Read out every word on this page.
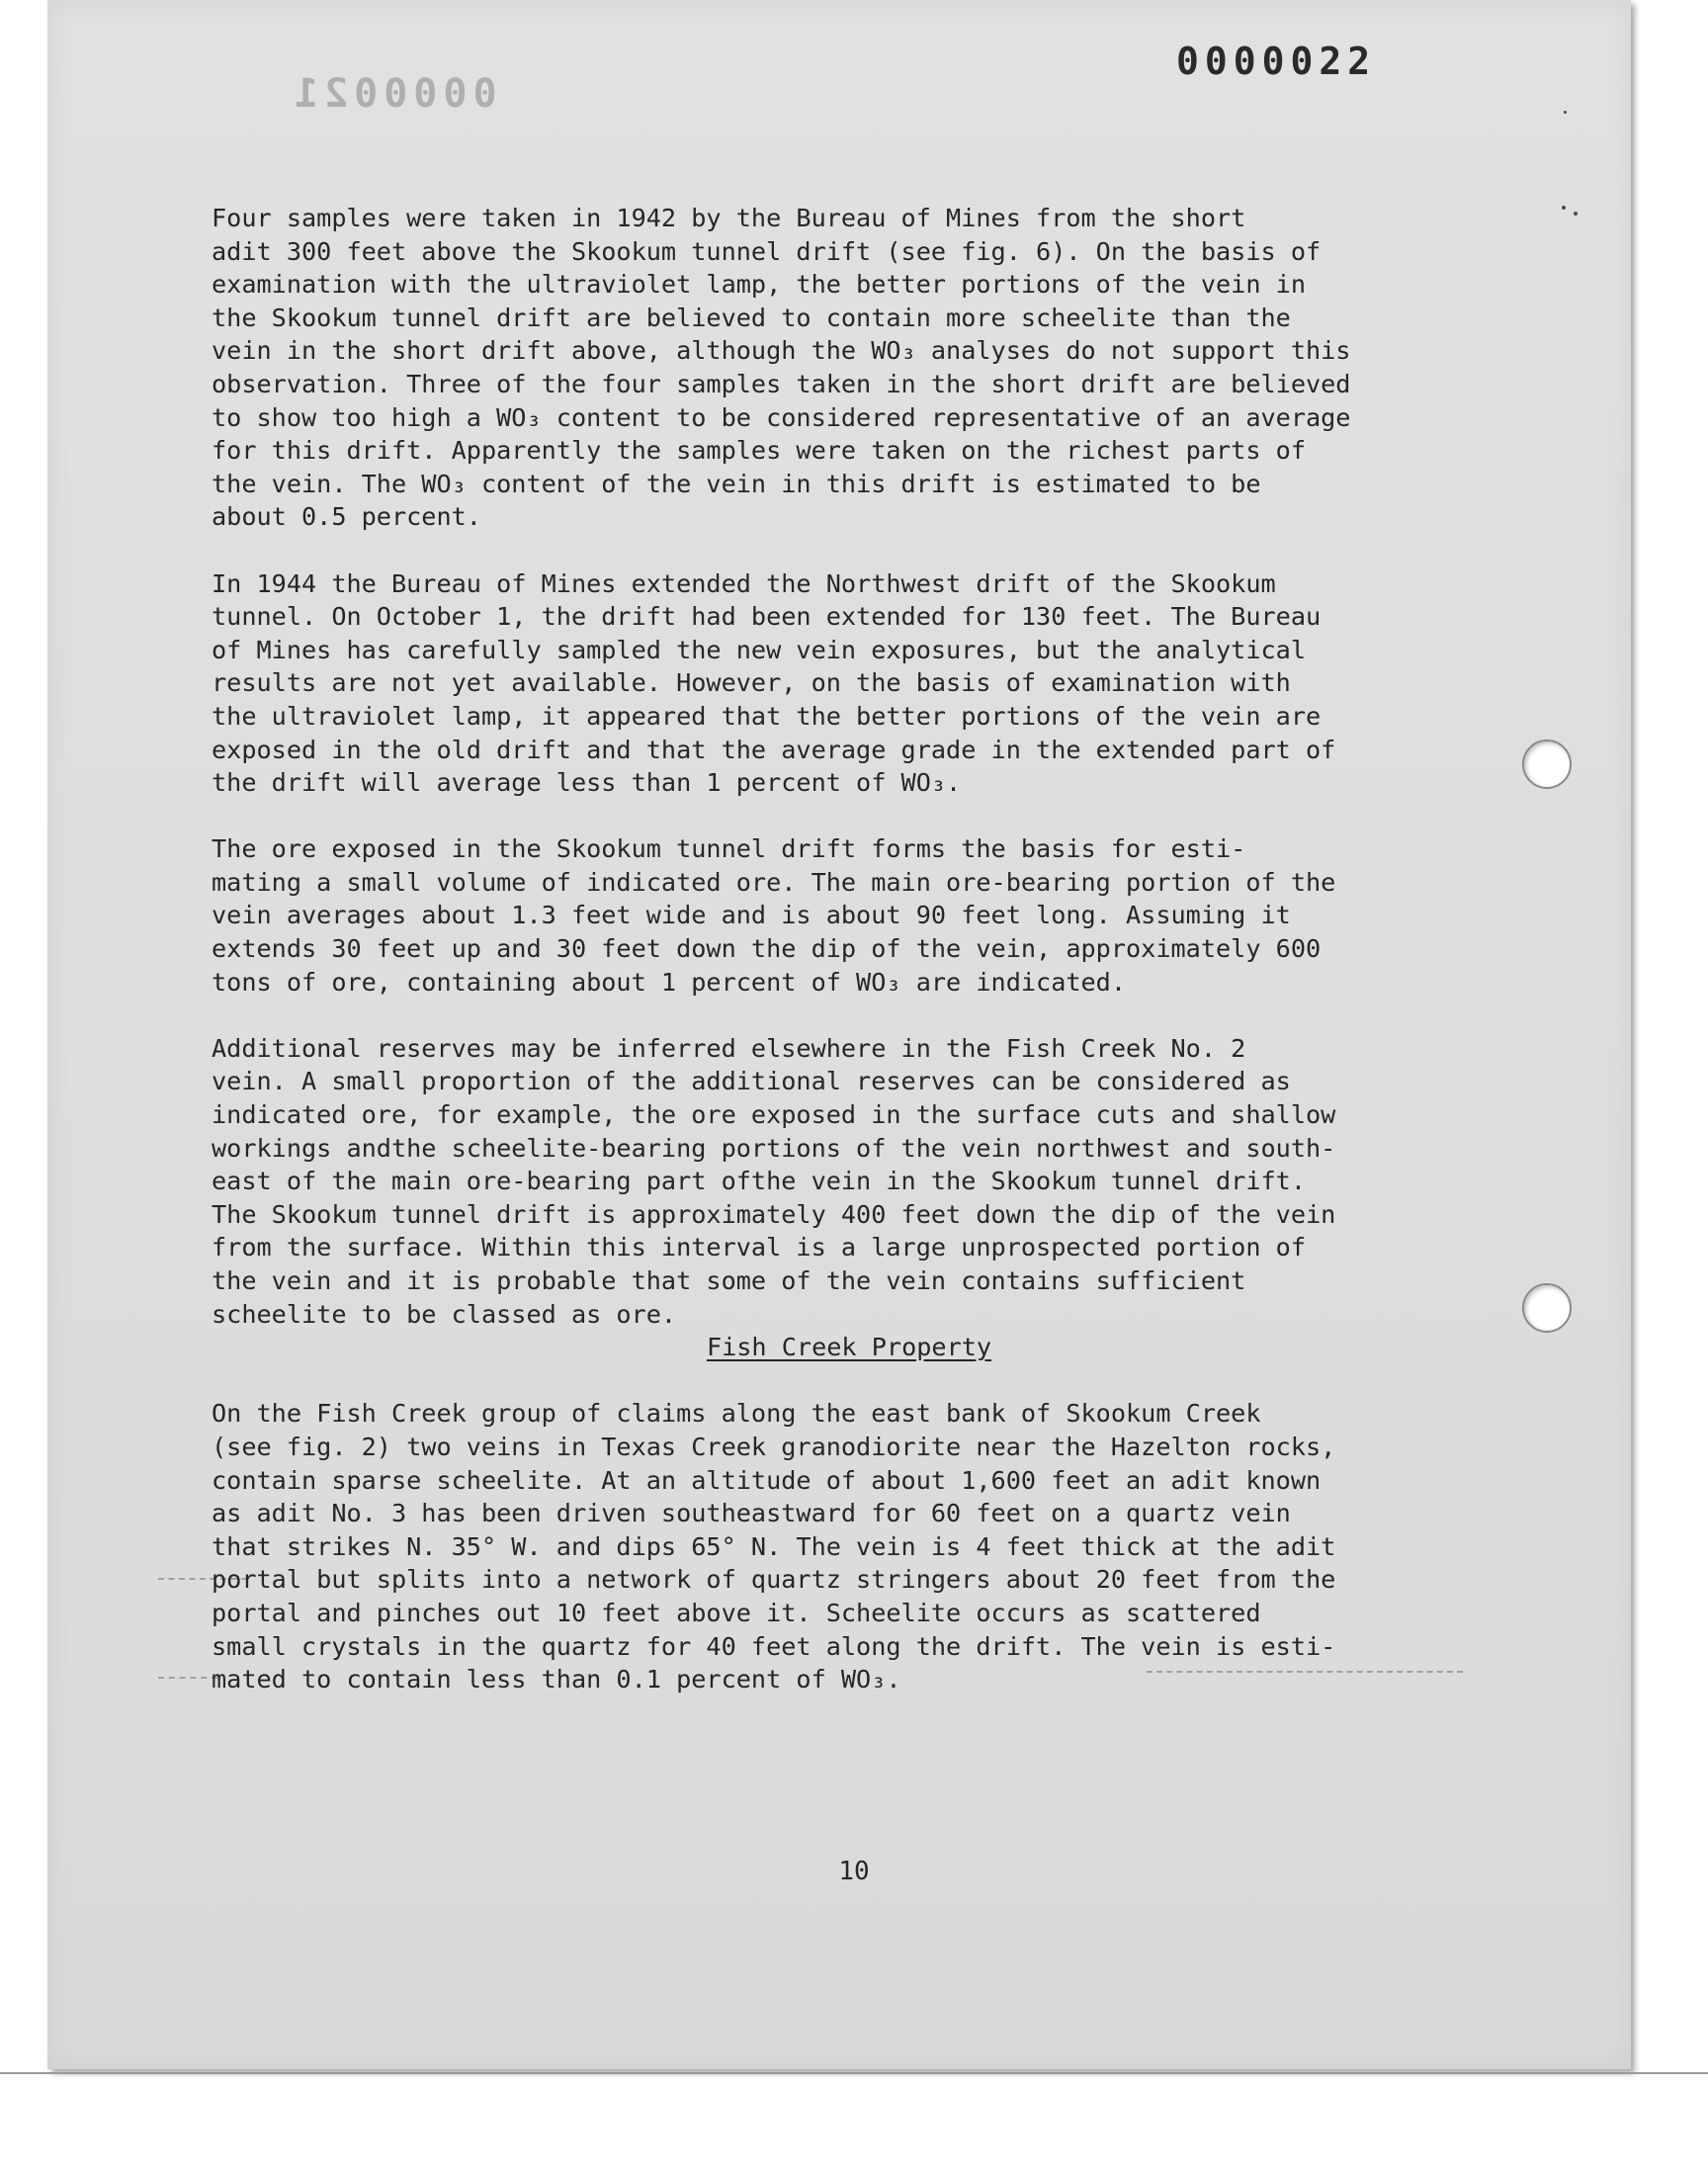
0000021
0000022

Four samples were taken in 1942 by the Bureau of Mines from the short
adit 300 feet above the Skookum tunnel drift (see fig. 6). On the basis of
examination with the ultraviolet lamp, the better portions of the vein in
the Skookum tunnel drift are believed to contain more scheelite than the
vein in the short drift above, although the WO₃ analyses do not support this
observation. Three of the four samples taken in the short drift are believed
to show too high a WO₃ content to be considered representative of an average
for this drift. Apparently the samples were taken on the richest parts of
the vein. The WO₃ content of the vein in this drift is estimated to be
about 0.5 percent.

In 1944 the Bureau of Mines extended the Northwest drift of the Skookum
tunnel. On October 1, the drift had been extended for 130 feet. The Bureau
of Mines has carefully sampled the new vein exposures, but the analytical
results are not yet available. However, on the basis of examination with
the ultraviolet lamp, it appeared that the better portions of the vein are
exposed in the old drift and that the average grade in the extended part of
the drift will average less than 1 percent of WO₃.

The ore exposed in the Skookum tunnel drift forms the basis for esti-
mating a small volume of indicated ore. The main ore-bearing portion of the
vein averages about 1.3 feet wide and is about 90 feet long. Assuming it
extends 30 feet up and 30 feet down the dip of the vein, approximately 600
tons of ore, containing about 1 percent of WO₃ are indicated.

Additional reserves may be inferred elsewhere in the Fish Creek No. 2
vein. A small proportion of the additional reserves can be considered as
indicated ore, for example, the ore exposed in the surface cuts and shallow
workings andthe scheelite-bearing portions of the vein northwest and south-
east of the main ore-bearing part ofthe vein in the Skookum tunnel drift.
The Skookum tunnel drift is approximately 400 feet down the dip of the vein
from the surface. Within this interval is a large unprospected portion of
the vein and it is probable that some of the vein contains sufficient
scheelite to be classed as ore.

Fish Creek Property

On the Fish Creek group of claims along the east bank of Skookum Creek
(see fig. 2) two veins in Texas Creek granodiorite near the Hazelton rocks,
contain sparse scheelite. At an altitude of about 1,600 feet an adit known
as adit No. 3 has been driven southeastward for 60 feet on a quartz vein
that strikes N. 35° W. and dips 65° N. The vein is 4 feet thick at the adit
portal but splits into a network of quartz stringers about 20 feet from the
portal and pinches out 10 feet above it. Scheelite occurs as scattered
small crystals in the quartz for 40 feet along the drift. The vein is esti-
mated to contain less than 0.1 percent of WO₃.

10
